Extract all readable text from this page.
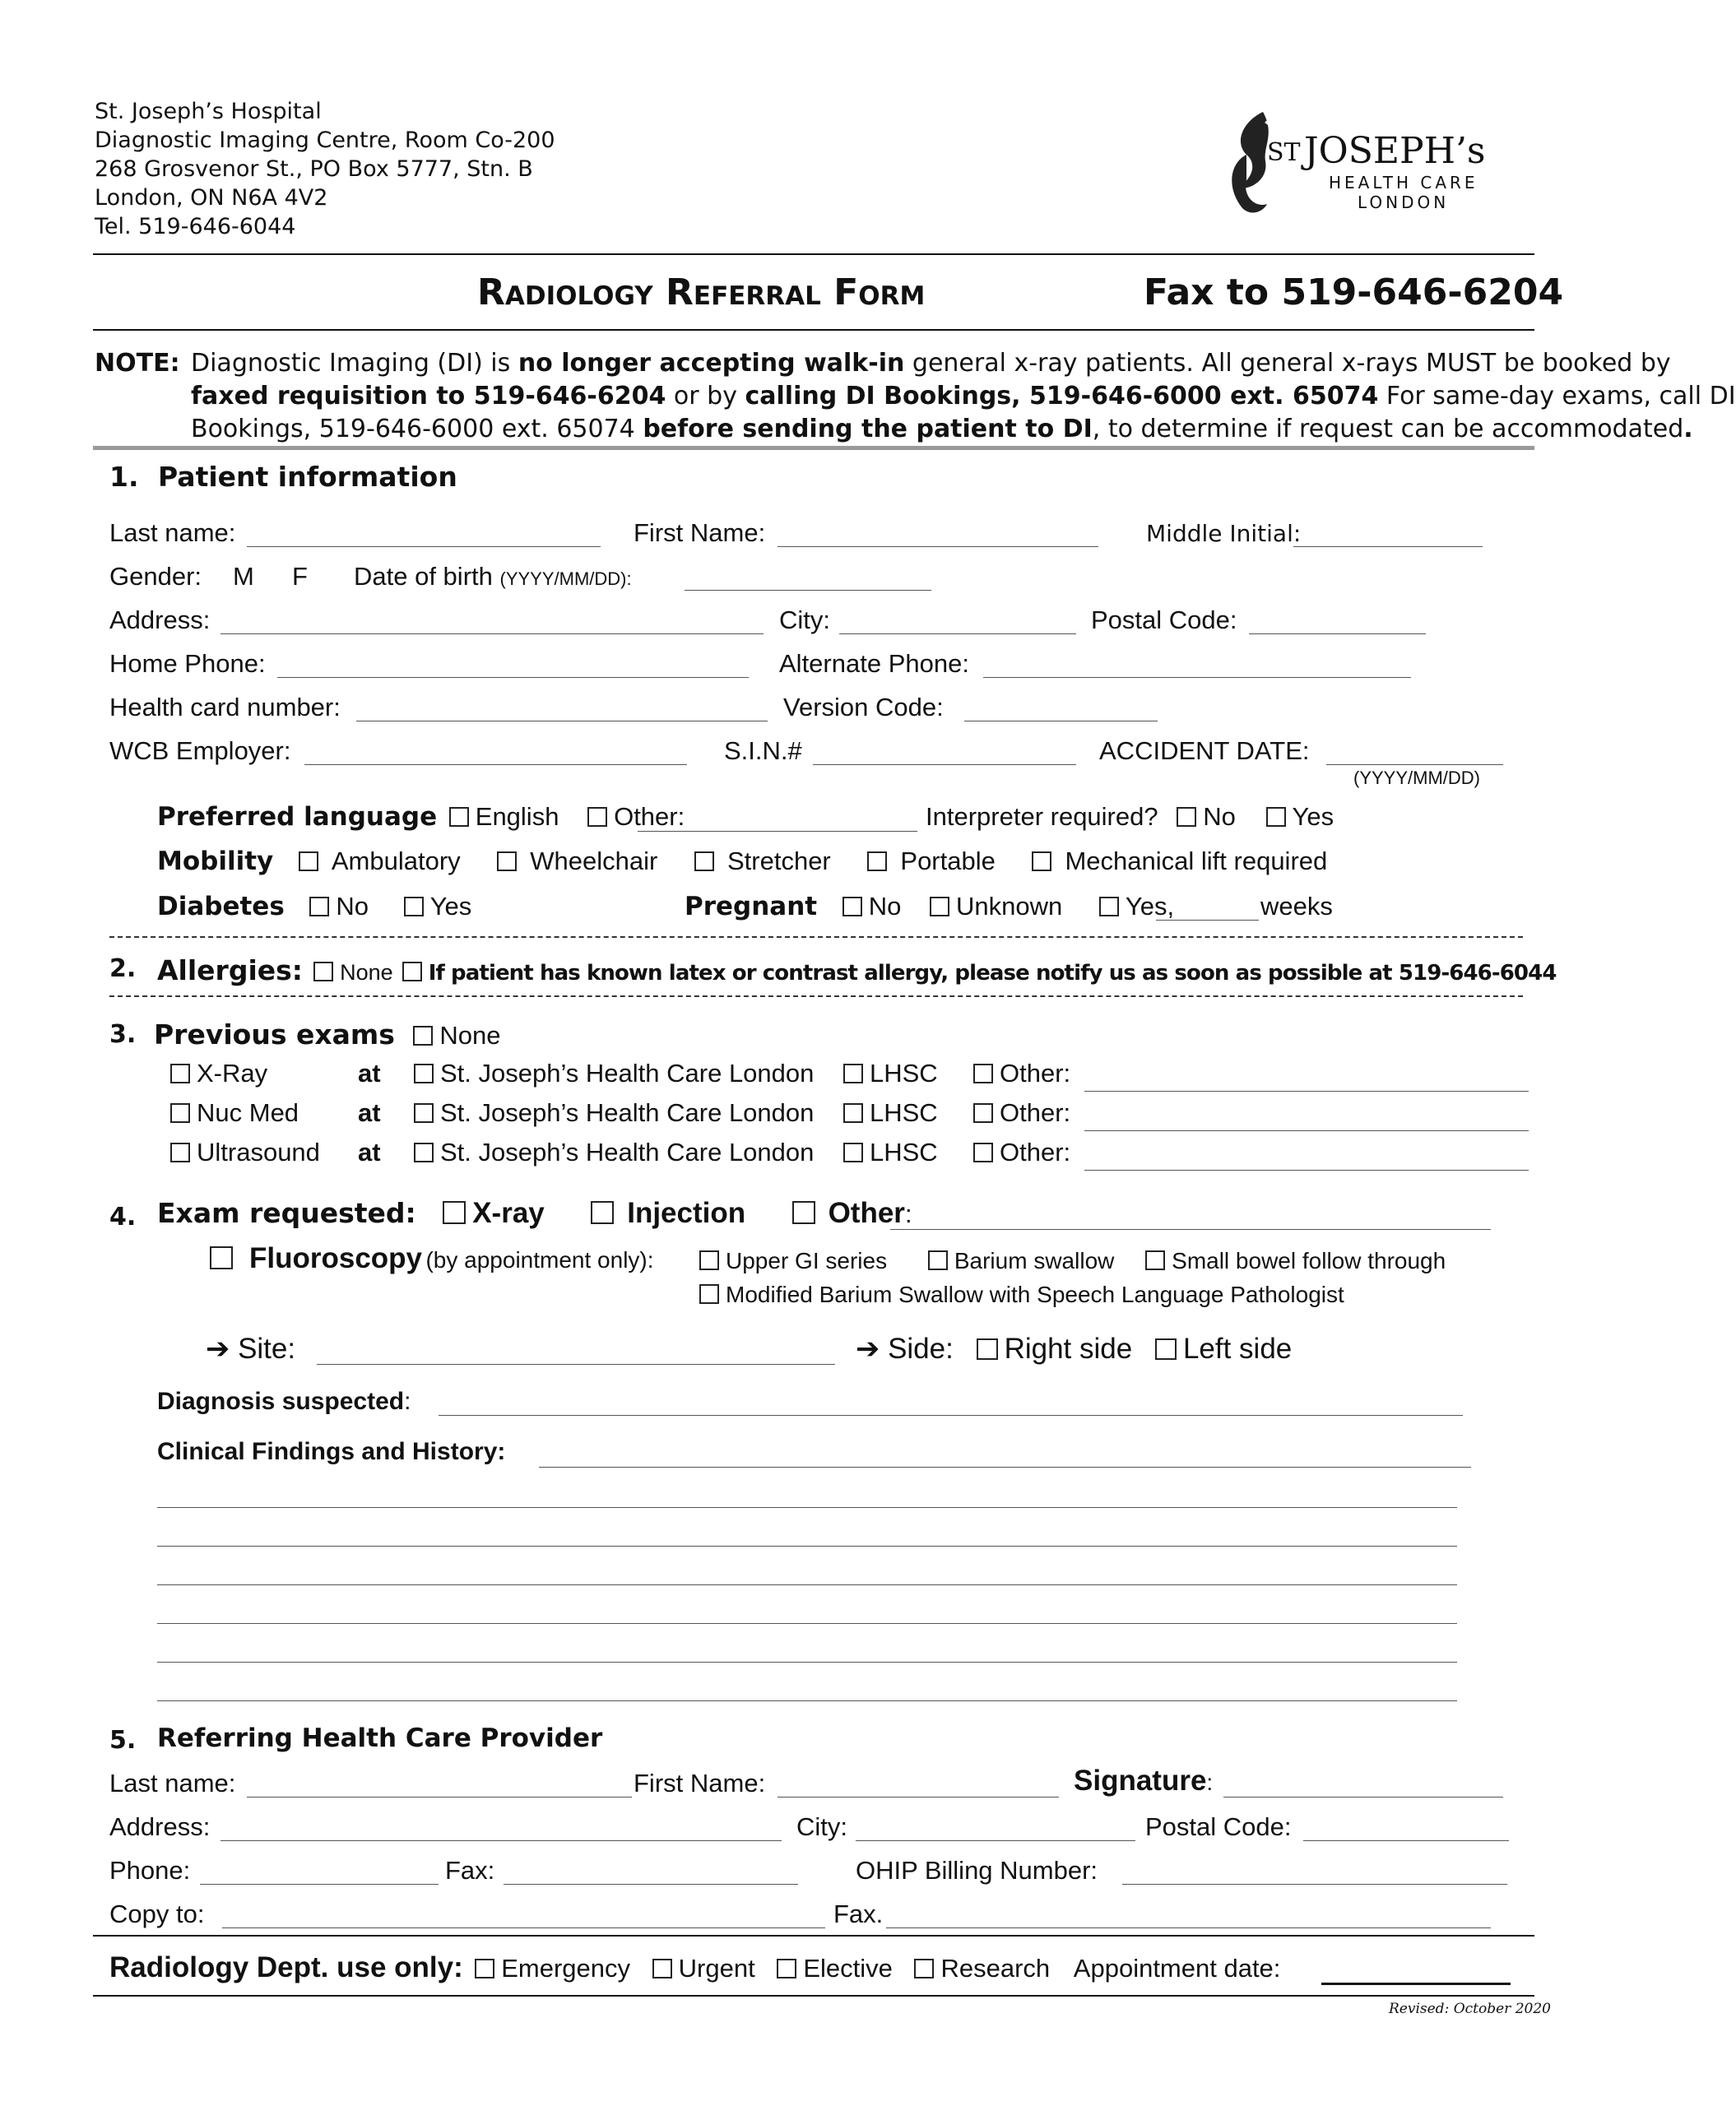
St. Joseph’s Hospital
Diagnostic Imaging Centre, Room Co-200
268 Grosvenor St., PO Box 5777, Stn. B
London, ON N6A 4V2
Tel. 519-646-6044
ST JOSEPH’s
HEALTH CARE
LONDON
Radiology Referral Form	Fax to 519-646-6204
NOTE: Diagnostic Imaging (DI) is no longer accepting walk-in general x-ray patients. All general x-rays MUST be booked by
faxed requisition to 519-646-6204 or by calling DI Bookings, 519-646-6000 ext. 65074 For same-day exams, call DI
Bookings, 519-646-6000 ext. 65074 before sending the patient to DI, to determine if request can be accommodated.
1. Patient information
Last name:	First Name:	Middle Initial:
Gender: M F Date of birth (YYYY/MM/DD):
Address:	City:	Postal Code:
Home Phone:	Alternate Phone:
Health card number:	Version Code:
WCB Employer:	S.I.N.#	ACCIDENT DATE:
(YYYY/MM/DD)
Preferred language English Other:	Interpreter required? No Yes
Mobility Ambulatory	Wheelchair	Stretcher	Portable	Mechanical lift required
Diabetes No Yes	Pregnant No Unknown Yes,	weeks
2. Allergies: None If patient has known latex or contrast allergy, please notify us as soon as possible at 519-646-6044
3. Previous exams None
X-Ray	at	St. Joseph’s Health Care London	LHSC	Other:
Nuc Med at	St. Joseph’s Health Care London	LHSC	Other:
Ultrasound at	St. Joseph’s Health Care London	LHSC	Other:
4. Exam requested: X-ray	Injection	Other:
Fluoroscopy (by appointment only):	Upper GI series	Barium swallow Small bowel follow through
Modified Barium Swallow with Speech Language Pathologist
➔ Site:	➔ Side: Right side Left side
Diagnosis suspected:
Clinical Findings and History:
5. Referring Health Care Provider
Last name:	First Name:	Signature:
Address:	City:	Postal Code:
Phone:	Fax:	OHIP Billing Number:
Copy to:	Fax.
Radiology Dept. use only: Emergency Urgent Elective Research Appointment date:
Revised: October 2020
